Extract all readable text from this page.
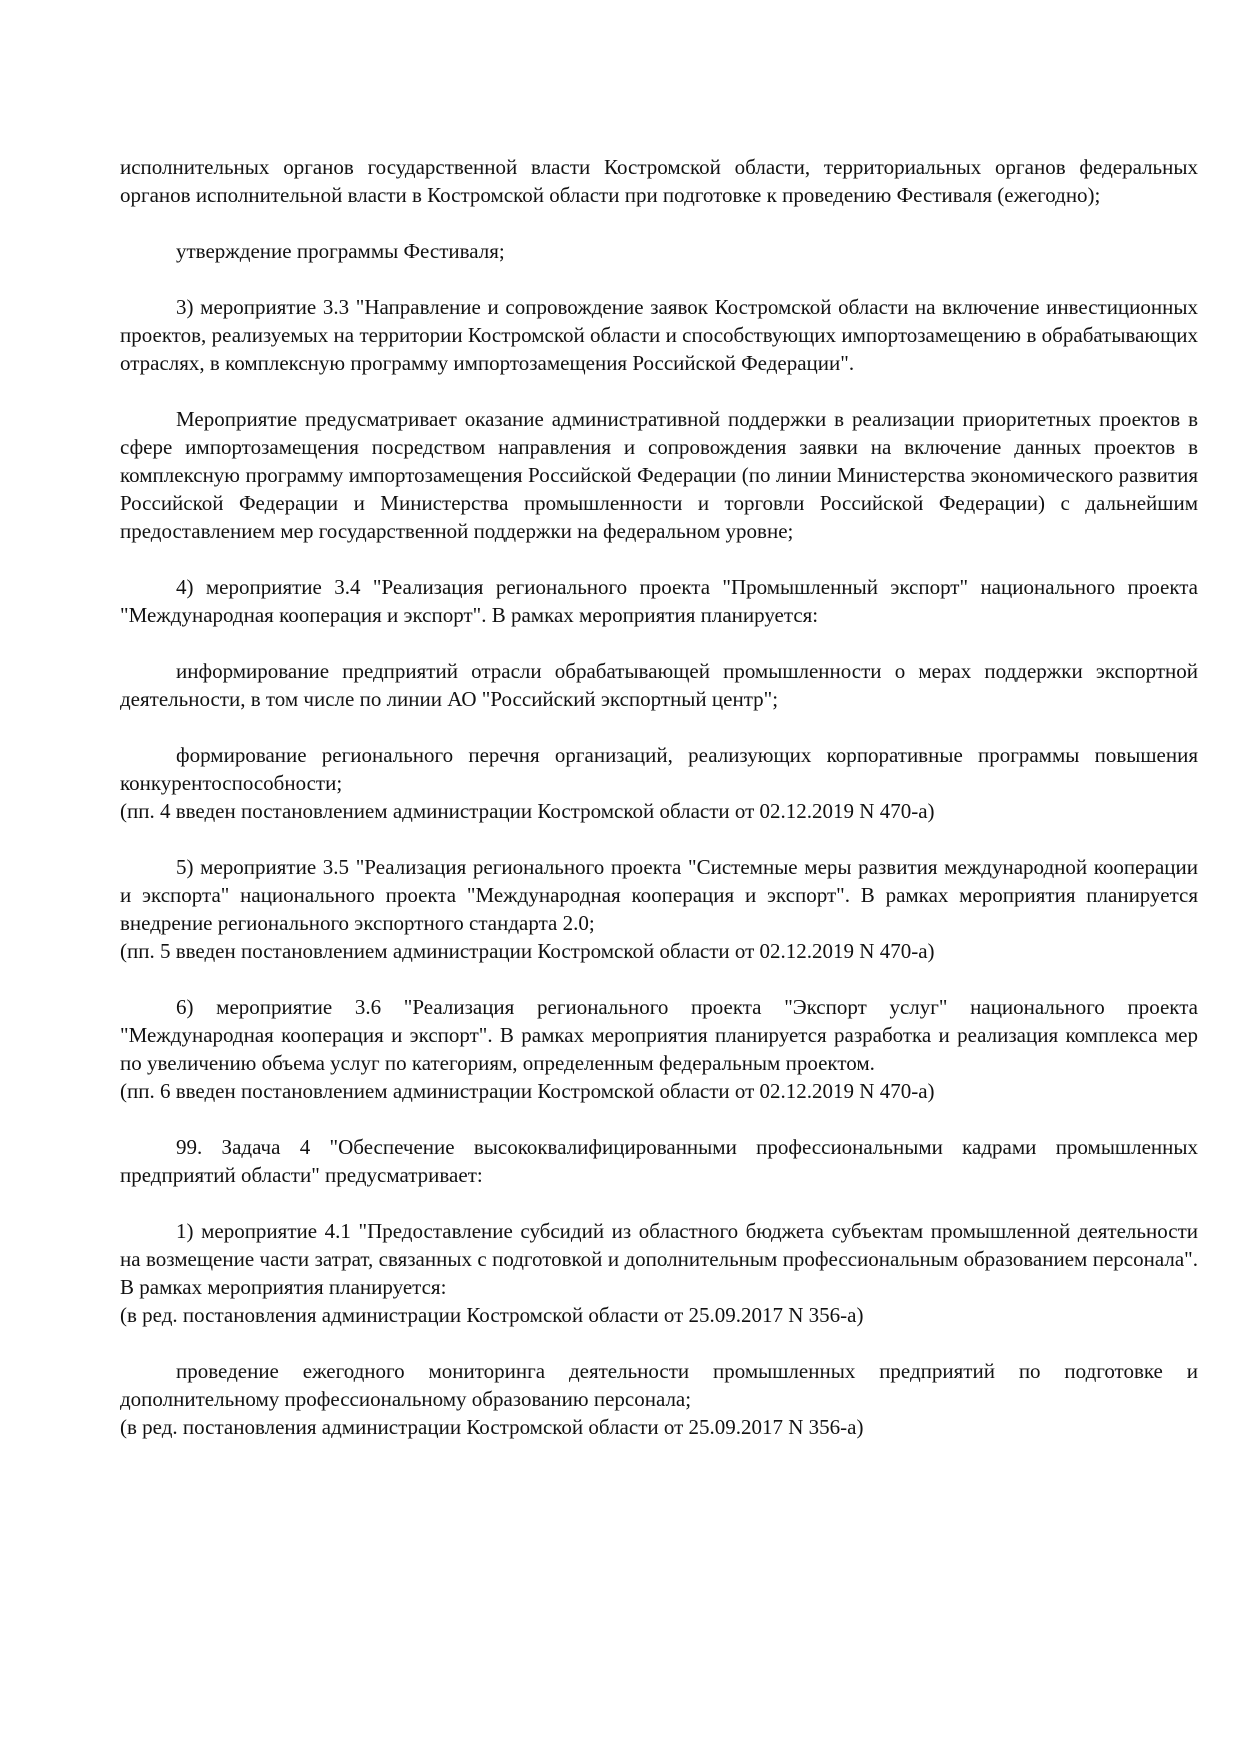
исполнительных органов государственной власти Костромской области, территориальных органов федеральных органов исполнительной власти в Костромской области при подготовке к проведению Фестиваля (ежегодно);

утверждение программы Фестиваля;

3) мероприятие 3.3 "Направление и сопровождение заявок Костромской области на включение инвестиционных проектов, реализуемых на территории Костромской области и способствующих импортозамещению в обрабатывающих отраслях, в комплексную программу импортозамещения Российской Федерации".

Мероприятие предусматривает оказание административной поддержки в реализации приоритетных проектов в сфере импортозамещения посредством направления и сопровождения заявки на включение данных проектов в комплексную программу импортозамещения Российской Федерации (по линии Министерства экономического развития Российской Федерации и Министерства промышленности и торговли Российской Федерации) с дальнейшим предоставлением мер государственной поддержки на федеральном уровне;

4) мероприятие 3.4 "Реализация регионального проекта "Промышленный экспорт" национального проекта "Международная кооперация и экспорт". В рамках мероприятия планируется:

информирование предприятий отрасли обрабатывающей промышленности о мерах поддержки экспортной деятельности, в том числе по линии АО "Российский экспортный центр";

формирование регионального перечня организаций, реализующих корпоративные программы повышения конкурентоспособности;

(пп. 4 введен постановлением администрации Костромской области от 02.12.2019 N 470-а)

5) мероприятие 3.5 "Реализация регионального проекта "Системные меры развития международной кооперации и экспорта" национального проекта "Международная кооперация и экспорт". В рамках мероприятия планируется внедрение регионального экспортного стандарта 2.0;

(пп. 5 введен постановлением администрации Костромской области от 02.12.2019 N 470-а)

6) мероприятие 3.6 "Реализация регионального проекта "Экспорт услуг" национального проекта "Международная кооперация и экспорт". В рамках мероприятия планируется разработка и реализация комплекса мер по увеличению объема услуг по категориям, определенным федеральным проектом.

(пп. 6 введен постановлением администрации Костромской области от 02.12.2019 N 470-а)

99. Задача 4 "Обеспечение высококвалифицированными профессиональными кадрами промышленных предприятий области" предусматривает:

1) мероприятие 4.1 "Предоставление субсидий из областного бюджета субъектам промышленной деятельности на возмещение части затрат, связанных с подготовкой и дополнительным профессиональным образованием персонала". В рамках мероприятия планируется:

(в ред. постановления администрации Костромской области от 25.09.2017 N 356-а)

проведение ежегодного мониторинга деятельности промышленных предприятий по подготовке и дополнительному профессиональному образованию персонала;

(в ред. постановления администрации Костромской области от 25.09.2017 N 356-а)
